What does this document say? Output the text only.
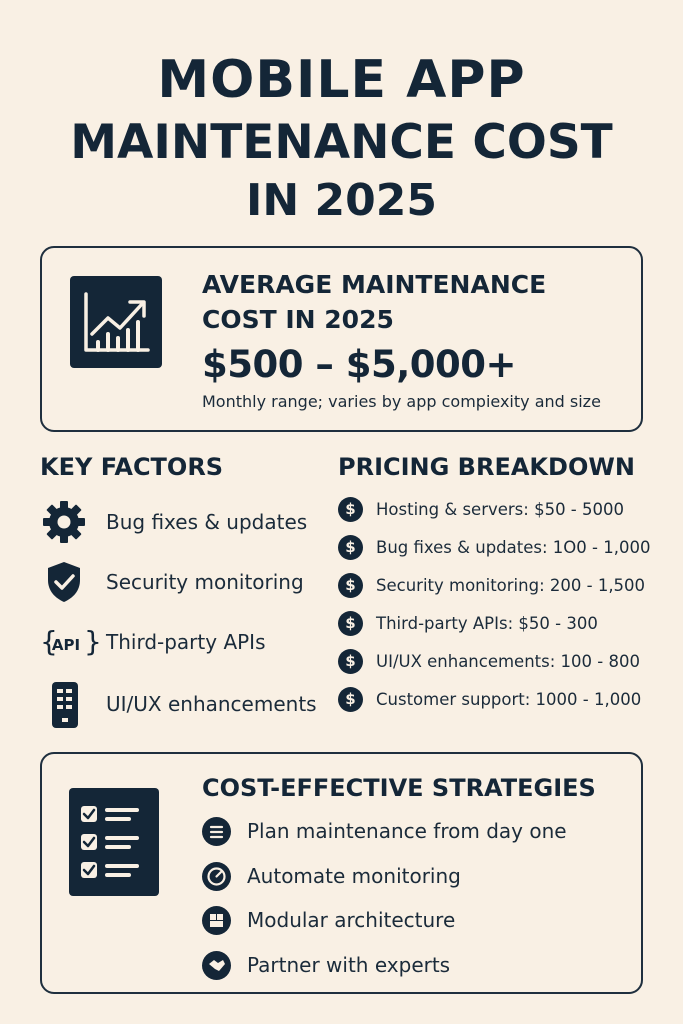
MOBILE APP
MAINTENANCE COST
IN 2025
AVERAGE MAINTENANCE
COST IN 2025
$500 – $5,000+
Monthly range; varies by app compiexity and size
KEY FACTORS
Bug fixes & updates
Security monitoring
{ }
API Third-party APIs
UI/UX enhancements
PRICING BREAKDOWN
$	Hosting & servers: $50 - 5000
$	Bug fixes & updates: 1О0 - 1,000
$	Security monitoring: 200 - 1,500
$	Third-party APIs: $50 - 300
$	UI/UX enhancements: 100 - 800
$	Customer support: 1000 - 1,000
COST-EFFECTIVE STRATEGIES
Plan maintenance from day one
Automate monitoring
Modular architecture
Partner with experts
